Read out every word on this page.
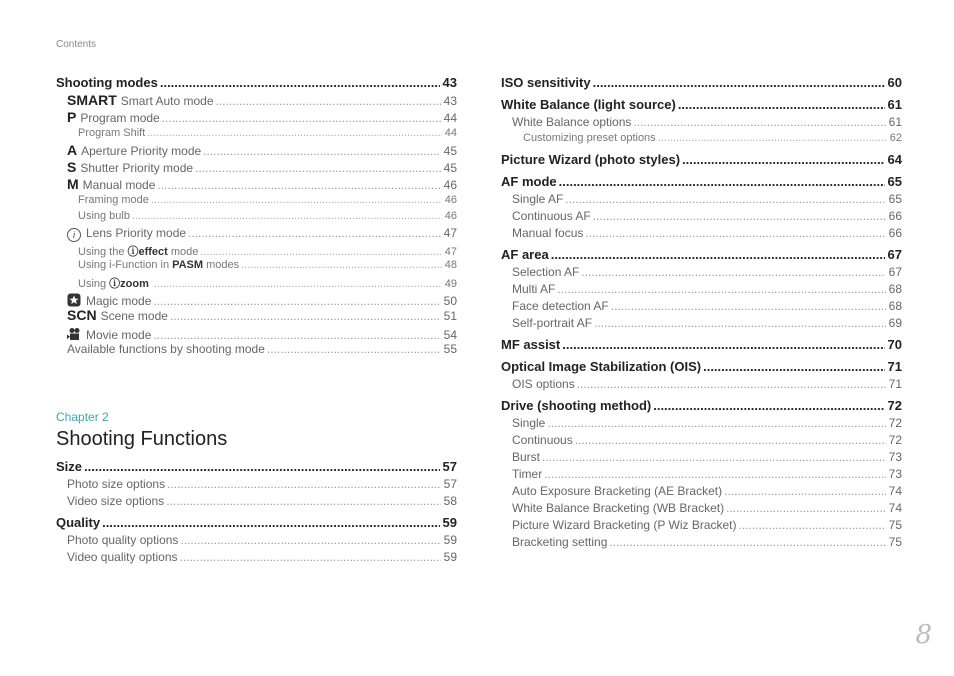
Contents
Shooting modes .....	43
SMART Smart Auto mode .....	43
P Program mode .....	44
Program Shift .....	44
A Aperture Priority mode .....	45
S Shutter Priority mode .....	45
M Manual mode .....	46
Framing mode .....	46
Using bulb .....	46
i Lens Priority mode .....	47
Using the ⓘeffect mode .....	47
Using i-Function in PASM modes .....	48
Using ⓘzoom .....	49
Magic mode .....	50
SCN Scene mode .....	51
Movie mode .....	54
Available functions by shooting mode .....	55
Chapter 2
Shooting Functions
Size .....	57
Photo size options .....	57
Video size options .....	58
Quality .....	59
Photo quality options .....	59
Video quality options .....	59
ISO sensitivity .....	60
White Balance (light source) .....	61
White Balance options .....	61
Customizing preset options .....	62
Picture Wizard (photo styles) .....	64
AF mode .....	65
Single AF .....	65
Continuous AF .....	66
Manual focus .....	66
AF area .....	67
Selection AF .....	67
Multi AF .....	68
Face detection AF .....	68
Self-portrait AF .....	69
MF assist .....	70
Optical Image Stabilization (OIS) .....	71
OIS options .....	71
Drive (shooting method) .....	72
Single .....	72
Continuous .....	72
Burst .....	73
Timer .....	73
Auto Exposure Bracketing (AE Bracket) .....	74
White Balance Bracketing (WB Bracket) .....	74
Picture Wizard Bracketing (P Wiz Bracket) .....	75
Bracketing setting .....	75
8
